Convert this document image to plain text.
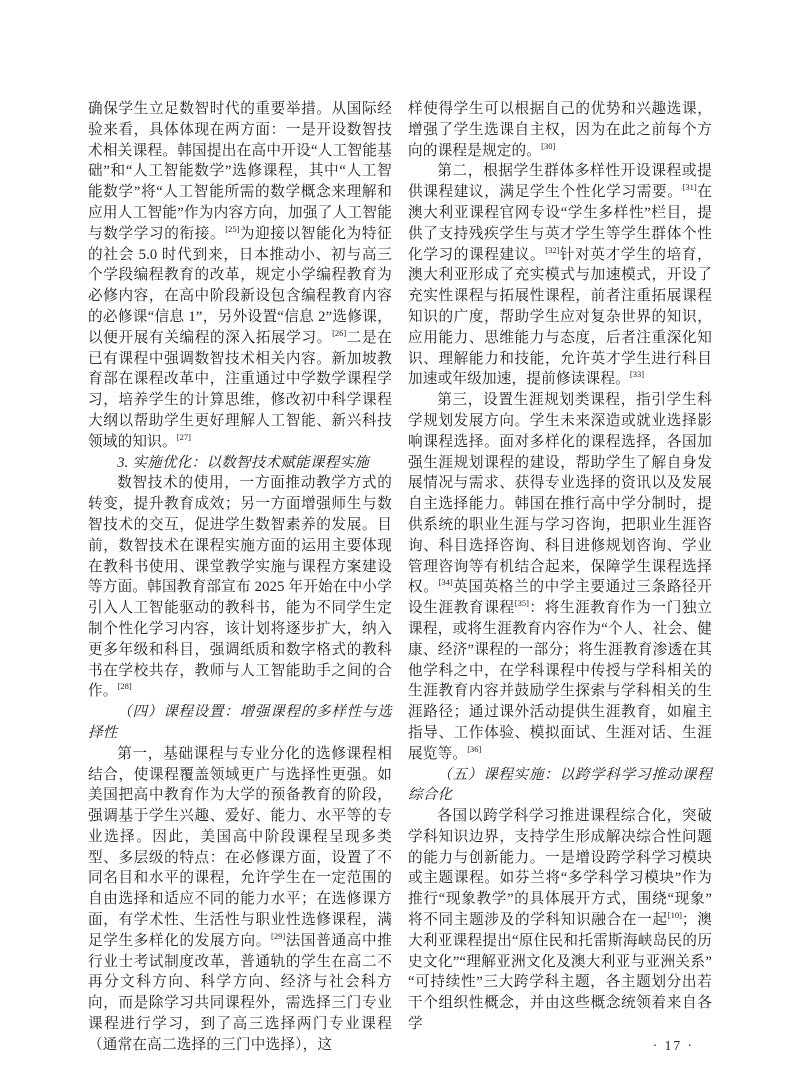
确保学生立足数智时代的重要举措。从国际经验来看，具体体现在两方面：一是开设数智技术相关课程。韩国提出在高中开设“人工智能基础”和“人工智能数学”选修课程，其中“人工智能数学”将“人工智能所需的数学概念来理解和应用人工智能”作为内容方向，加强了人工智能与数学学习的衔接。[25]为迎接以智能化为特征的社会 5.0 时代到来，日本推动小、初与高三个学段编程教育的改革，规定小学编程教育为必修内容，在高中阶段新设包含编程教育内容的必修课“信息 1”，另外设置“信息 2”选修课，以便开展有关编程的深入拓展学习。[26]二是在已有课程中强调数智技术相关内容。新加坡教育部在课程改革中，注重通过中学数学课程学习，培养学生的计算思维，修改初中科学课程大纲以帮助学生更好理解人工智能、新兴科技领域的知识。[27]

3. 实施优化：以数智技术赋能课程实施

数智技术的使用，一方面推动教学方式的转变，提升教育成效；另一方面增强师生与数智技术的交互，促进学生数智素养的发展。目前，数智技术在课程实施方面的运用主要体现在教科书使用、课堂教学实施与课程方案建设等方面。韩国教育部宣布 2025 年开始在中小学引入人工智能驱动的教科书，能为不同学生定制个性化学习内容，该计划将逐步扩大，纳入更多年级和科目，强调纸质和数字格式的教科书在学校共存，教师与人工智能助手之间的合作。[28]

（四）课程设置：增强课程的多样性与选择性

第一，基础课程与专业分化的选修课程相结合，使课程覆盖领域更广与选择性更强。如美国把高中教育作为大学的预备教育的阶段，强调基于学生兴趣、爱好、能力、水平等的专业选择。因此，美国高中阶段课程呈现多类型、多层级的特点：在必修课方面，设置了不同名目和水平的课程，允许学生在一定范围的自由选择和适应不同的能力水平；在选修课方面，有学术性、生活性与职业性选修课程，满足学生多样化的发展方向。[29]法国普通高中推行业士考试制度改革，普通轨的学生在高二不再分文科方向、科学方向、经济与社会科方向，而是除学习共同课程外，需选择三门专业课程进行学习，到了高三选择两门专业课程（通常在高二选择的三门中选择），这

样使得学生可以根据自己的优势和兴趣选课，增强了学生选课自主权，因为在此之前每个方向的课程是规定的。[30]

第二，根据学生群体多样性开设课程或提供课程建议，满足学生个性化学习需要。[31]在澳大利亚课程官网专设“学生多样性”栏目，提供了支持残疾学生与英才学生等学生群体个性化学习的课程建议。[32]针对英才学生的培育，澳大利亚形成了充实模式与加速模式，开设了充实性课程与拓展性课程，前者注重拓展课程知识的广度，帮助学生应对复杂世界的知识，应用能力、思维能力与态度，后者注重深化知识、理解能力和技能，允许英才学生进行科目加速或年级加速，提前修读课程。[33]

第三，设置生涯规划类课程，指引学生科学规划发展方向。学生未来深造或就业选择影响课程选择。面对多样化的课程选择，各国加强生涯规划课程的建设，帮助学生了解自身发展情况与需求、获得专业选择的资讯以及发展自主选择能力。韩国在推行高中学分制时，提供系统的职业生涯与学习咨询，把职业生涯咨询、科目选择咨询、科目进修规划咨询、学业管理咨询等有机结合起来，保障学生课程选择权。[34]英国英格兰的中学主要通过三条路径开设生涯教育课程[35]：将生涯教育作为一门独立课程，或将生涯教育内容作为“个人、社会、健康、经济”课程的一部分；将生涯教育渗透在其他学科之中，在学科课程中传授与学科相关的生涯教育内容并鼓励学生探索与学科相关的生涯路径；通过课外活动提供生涯教育，如雇主指导、工作体验、模拟面试、生涯对话、生涯展览等。[36]

（五）课程实施：以跨学科学习推动课程综合化

各国以跨学科学习推进课程综合化，突破学科知识边界，支持学生形成解决综合性问题的能力与创新能力。一是增设跨学科学习模块或主题课程。如芬兰将“多学科学习模块”作为推行“现象教学”的具体展开方式，围绕“现象”将不同主题涉及的学科知识融合在一起[10]；澳大利亚课程提出“原住民和托雷斯海峡岛民的历史文化”“理解亚洲文化及澳大利亚与亚洲关系”“可持续性”三大跨学科主题，各主题划分出若干个组织性概念，并由这些概念统领着来自各学

· 17 ·
